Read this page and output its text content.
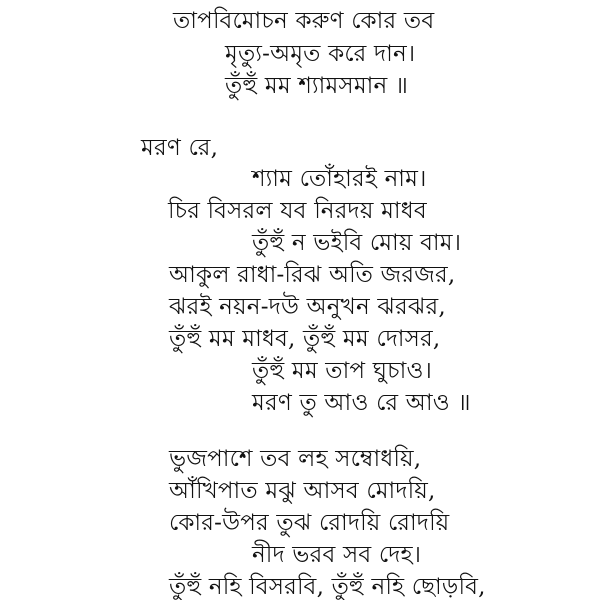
তাপবিমোচন করুণ কোর তব
মৃত্যু-অমৃত করে দান।
তুঁহুঁ মম শ্যামসমান ॥
মরণ রে,
শ্যাম তোঁহারই নাম।
চির বিসরল যব নিরদয় মাধব
তুঁহুঁ ন ভইবি মোয় বাম।
আকুল রাধা-রিঝ অতি জরজর,
ঝরই নয়ন-দউ অনুখন ঝরঝর,
তুঁহুঁ মম মাধব, তুঁহুঁ মম দোসর,
তুঁহুঁ মম তাপ ঘুচাও।
মরণ তু আও রে আও ॥
ভুজপাশে তব লহ সম্বোধয়ি,
আঁখিপাত মঝু আসব মোদয়ি,
কোর-উপর তুঝ রোদয়ি রোদয়ি
নীদ ভরব সব দেহ।
তুঁহুঁ নহি বিসরবি, তুঁহুঁ নহি ছোড়বি,
